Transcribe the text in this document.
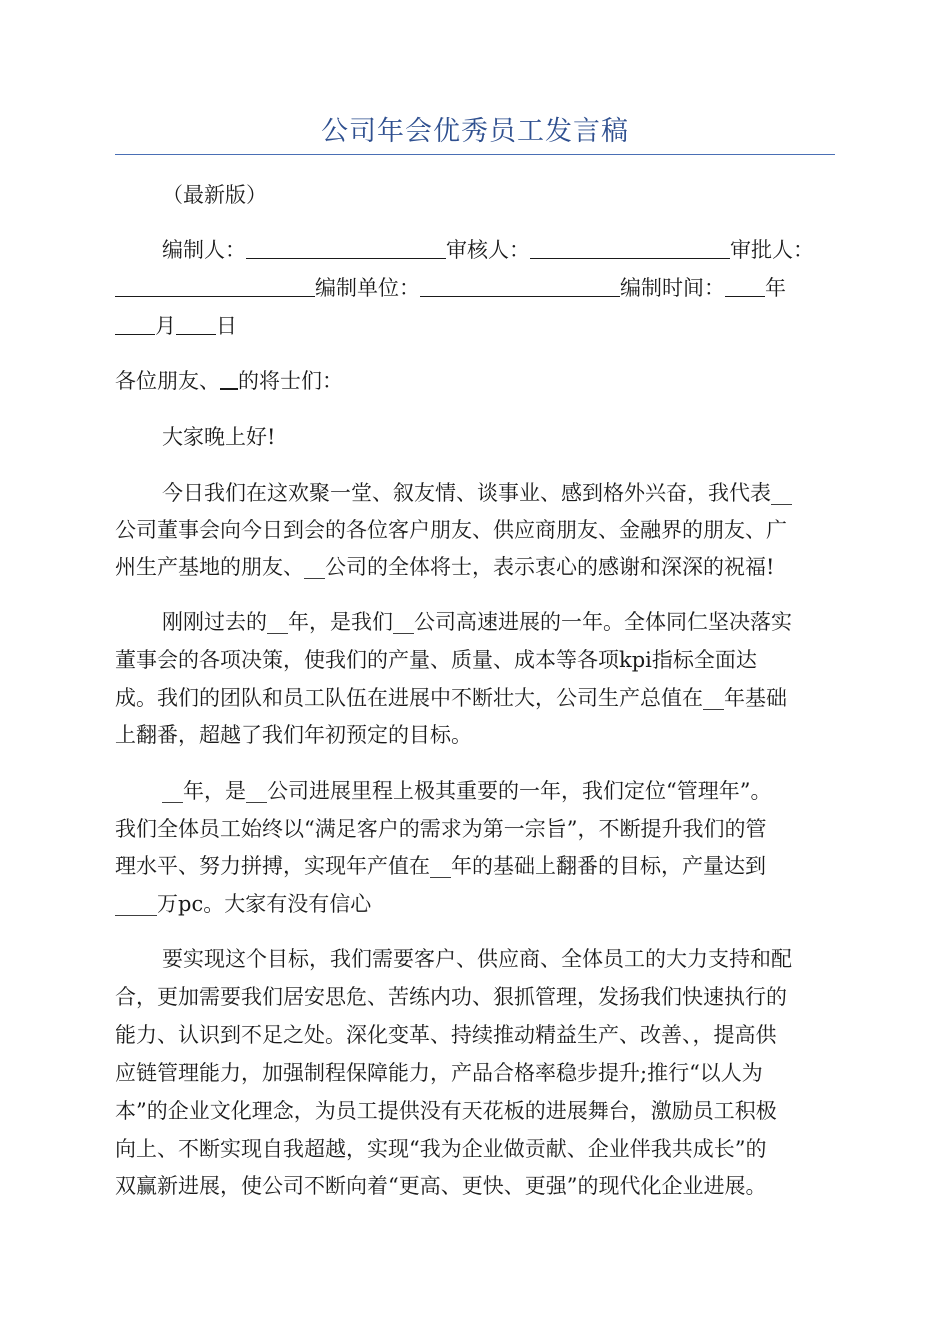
公司年会优秀员工发言稿
（最新版）
编制人：	审核人：	审批人：
编制单位：	编制时间： 年
月 日
各位朋友、 的将士们：
大家晚上好!
今日我们在这欢聚一堂、叙友情、谈事业、感到格外兴奋，我代表__
公司董事会向今日到会的各位客户朋友、供应商朋友、金融界的朋友、广
州生产基地的朋友、__公司的全体将士，表示衷心的感谢和深深的祝福!
刚刚过去的__年，是我们__公司高速进展的一年。全体同仁坚决落实
董事会的各项决策，使我们的产量、质量、成本等各项kpi指标全面达
成。我们的团队和员工队伍在进展中不断壮大，公司生产总值在__年基础
上翻番，超越了我们年初预定的目标。
__年，是__公司进展里程上极其重要的一年，我们定位“管理年”。
我们全体员工始终以“满足客户的需求为第一宗旨”，不断提升我们的管
理水平、努力拼搏，实现年产值在__年的基础上翻番的目标，产量达到
____万pc。大家有没有信心
要实现这个目标，我们需要客户、供应商、全体员工的大力支持和配
合，更加需要我们居安思危、苦练内功、狠抓管理，发扬我们快速执行的
能力、认识到不足之处。深化变革、持续推动精益生产、改善、，提高供
应链管理能力，加强制程保障能力，产品合格率稳步提升;推行“以人为
本”的企业文化理念，为员工提供没有天花板的进展舞台，激励员工积极
向上、不断实现自我超越，实现“我为企业做贡献、企业伴我共成长”的
双赢新进展，使公司不断向着“更高、更快、更强”的现代化企业进展。
